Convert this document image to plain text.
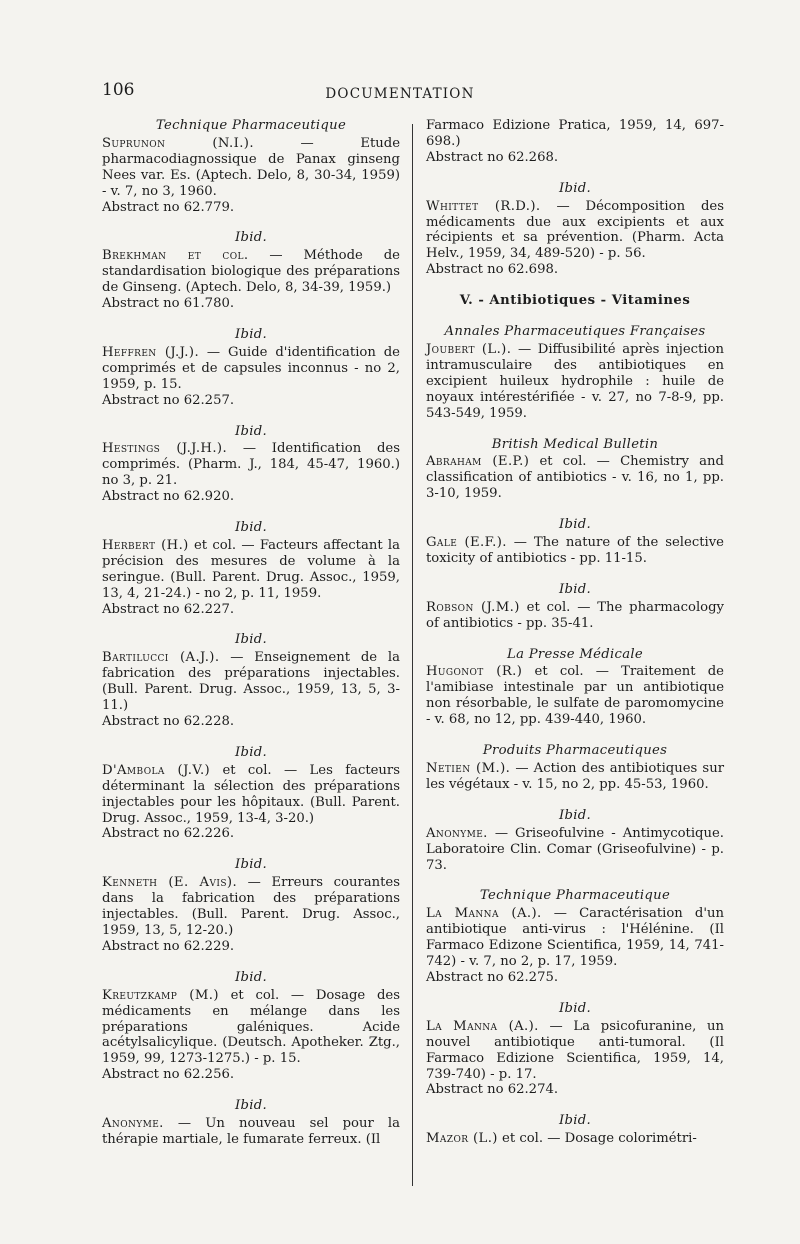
106	DOCUMENTATION
Technique Pharmaceutique
Suprunon (N.I.).	— Etude pharmacodiagnossique de Panax ginseng Nees var. Es. (Aptech. Delo, 8, 30-34, 1959) - v. 7, no 3, 1960.
Abstract no 62.779.
Ibid.
Brekhman et col. — Méthode de standardisation biologique des préparations de Ginseng. (Aptech. Delo, 8, 34-39, 1959.)
Abstract no 61.780.
Ibid.
Heffren (J.J.). — Guide d'identification de comprimés et de capsules inconnus - no 2, 1959, p. 15.
Abstract no 62.257.
Ibid.
Hestings (J.J.H.). — Identification des comprimés. (Pharm. J., 184, 45-47, 1960.) no 3, p. 21.
Abstract no 62.920.
Ibid.
Herbert (H.) et col. — Facteurs affectant la précision des mesures de volume à la seringue. (Bull. Parent. Drug. Assoc., 1959, 13, 4, 21-24.) - no 2, p. 11, 1959.
Abstract no 62.227.
Ibid.
Bartilucci (A.J.). — Enseignement de la fabrication des préparations injectables. (Bull. Parent. Drug. Assoc., 1959, 13, 5, 3-11.)
Abstract no 62.228.
Ibid.
D'Ambola (J.V.) et col. — Les facteurs déterminant la sélection des préparations injectables pour les hôpitaux. (Bull. Parent. Drug. Assoc., 1959, 13-4, 3-20.)
Abstract no 62.226.
Ibid.
Kenneth (E. Avis). — Erreurs courantes dans la fabrication des préparations injectables. (Bull. Parent. Drug. Assoc., 1959, 13, 5, 12-20.)
Abstract no 62.229.
Ibid.
Kreutzkamp (M.) et col. — Dosage des médicaments en mélange dans les préparations galéniques. Acide acétylsalicylique. (Deutsch. Apotheker. Ztg., 1959, 99, 1273-1275.) - p. 15.
Abstract no 62.256.
Ibid.
Anonyme. — Un nouveau sel pour la thérapie martiale, le fumarate ferreux. (Il
Farmaco Edizione Pratica, 1959, 14, 697-698.)
Abstract no 62.268.
Ibid.
Whittet (R.D.). — Décomposition des médicaments due aux excipients et aux récipients et sa prévention. (Pharm. Acta Helv., 1959, 34, 489-520) - p. 56.
Abstract no 62.698.
V. - Antibiotiques - Vitamines
Annales Pharmaceutiques Françaises
Joubert (L.). — Diffusibilité après injection intramusculaire des antibiotiques en excipient huileux hydrophile : huile de noyaux intérestérifiée - v. 27, no 7-8-9, pp. 543-549, 1959.
British Medical Bulletin
Abraham (E.P.) et col. — Chemistry and classification of antibiotics - v. 16, no 1, pp. 3-10, 1959.
Ibid.
Gale (E.F.). — The nature of the selective toxicity of antibiotics - pp. 11-15.
Ibid.
Robson (J.M.) et col. — The pharmacology of antibiotics - pp. 35-41.
La Presse Médicale
Hugonot (R.) et col. — Traitement de l'amibiase intestinale par un antibiotique non résorbable, le sulfate de paromomycine - v. 68, no 12, pp. 439-440, 1960.
Produits Pharmaceutiques
Netien (M.). — Action des antibiotiques sur les végétaux - v. 15, no 2, pp. 45-53, 1960.
Ibid.
Anonyme. — Griseofulvine - Antimycotique. Laboratoire Clin. Comar (Griseofulvine) - p. 73.
Technique Pharmaceutique
La Manna (A.). — Caractérisation d'un antibiotique anti-virus : l'Hélénine. (Il Farmaco Edizone Scientifica, 1959, 14, 741-742) - v. 7, no 2, p. 17, 1959.
Abstract no 62.275.
Ibid.
La Manna (A.). — La psicofuranine, un nouvel antibiotique anti-tumoral. (Il Farmaco Edizione Scientifica, 1959, 14, 739-740) - p. 17.
Abstract no 62.274.
Ibid.
Mazor (L.) et col. — Dosage colorimétri-
